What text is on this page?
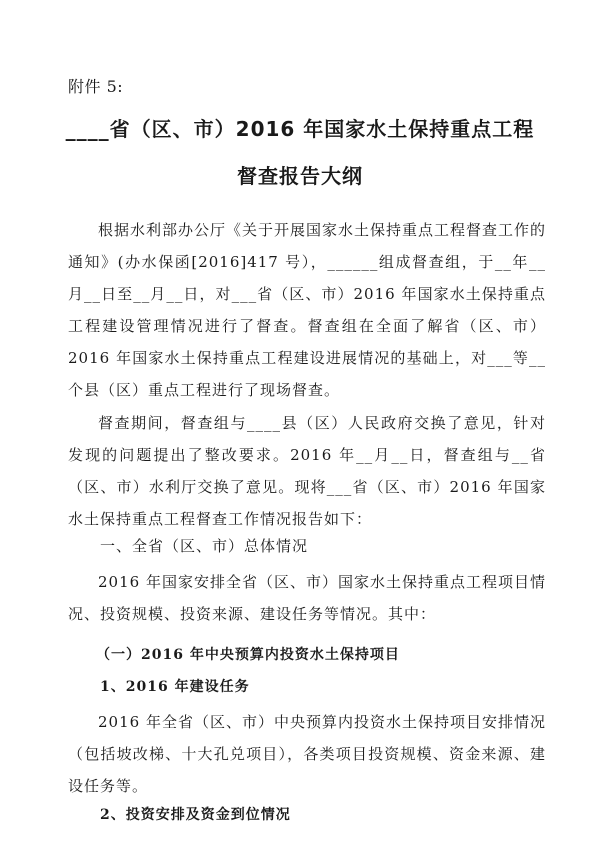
附件 5:
____省（区、市）2016 年国家水土保持重点工程
督查报告大纲

根据水利部办公厅《关于开展国家水土保持重点工程督查工作的通知》(办水保函[2016]417 号），______组成督查组，于__年__月__日至__月__日，对___省（区、市）2016 年国家水土保持重点工程建设管理情况进行了督查。督查组在全面了解省（区、市）2016 年国家水土保持重点工程建设进展情况的基础上，对___等__个县（区）重点工程进行了现场督查。

督查期间，督查组与____县（区）人民政府交换了意见，针对发现的问题提出了整改要求。2016 年__月__日，督查组与__省（区、市）水利厅交换了意见。现将___省（区、市）2016 年国家水土保持重点工程督查工作情况报告如下：

2016 年国家安排全省（区、市）国家水土保持重点工程项目情况、投资规模、投资来源、建设任务等情况。其中：

2016 年全省（区、市）中央预算内投资水土保持项目安排情况（包括坡改梯、十大孔兑项目），各类项目投资规模、资金来源、建设任务等。

一、全省（区、市）总体情况
（一）2016 年中央预算内投资水土保持项目
1、2016 年建设任务
2、投资安排及资金到位情况
